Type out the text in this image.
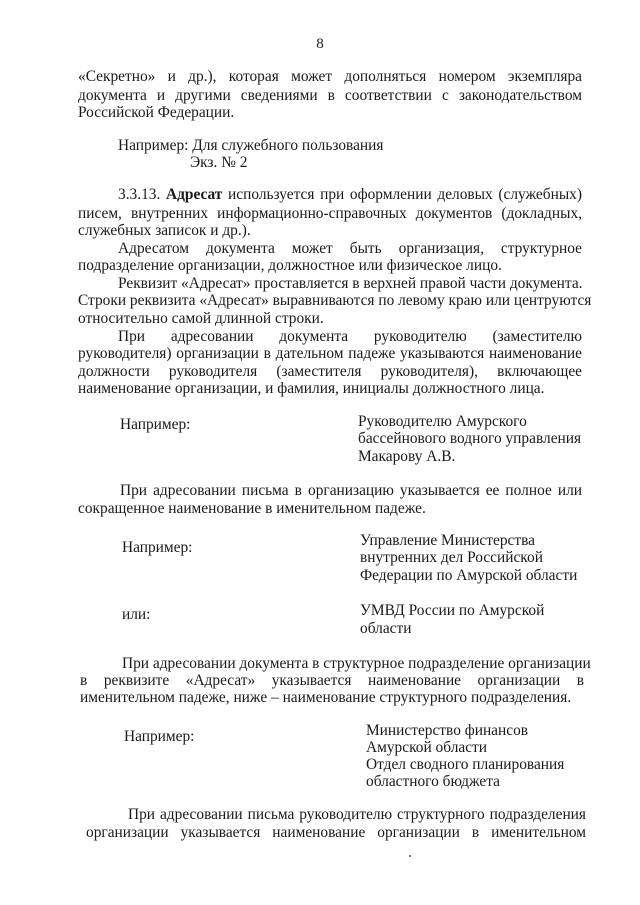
8
«Секретно» и др.), которая может дополняться номером экземпляра
документа и другими сведениями в соответствии с законодательством
Российской Федерации.
Например: Для служебного пользования
Экз. № 2
3.3.13. Адресат используется при оформлении деловых (служебных)
писем, внутренних информационно-справочных документов (докладных,
служебных записок и др.).
Адресатом документа может быть организация, структурное
подразделение организации, должностное или физическое лицо.
Реквизит «Адресат» проставляется в верхней правой части документа.
Строки реквизита «Адресат» выравниваются по левому краю или центруются
относительно самой длинной строки.
При адресовании документа руководителю (заместителю
руководителя) организации в дательном падеже указываются наименование
должности руководителя (заместителя руководителя), включающее
наименование организации, и фамилия, инициалы должностного лица.
Например:	Руководителю Амурского
бассейнового водного управления
Макарову А.В.
При адресовании письма в организацию указывается ее полное или
сокращенное наименование в именительном падеже.
Например:	Управление Министерства
внутренних дел Российской
Федерации по Амурской области
или:	УМВД России по Амурской
области
При адресовании документа в структурное подразделение организации
в реквизите «Адресат» указывается наименование организации в
именительном падеже, ниже – наименование структурного подразделения.
Например:	Министерство финансов
Амурской области
Отдел сводного планирования
областного бюджета
При адресовании письма руководителю структурного подразделения
организации указывается наименование организации в именительном
